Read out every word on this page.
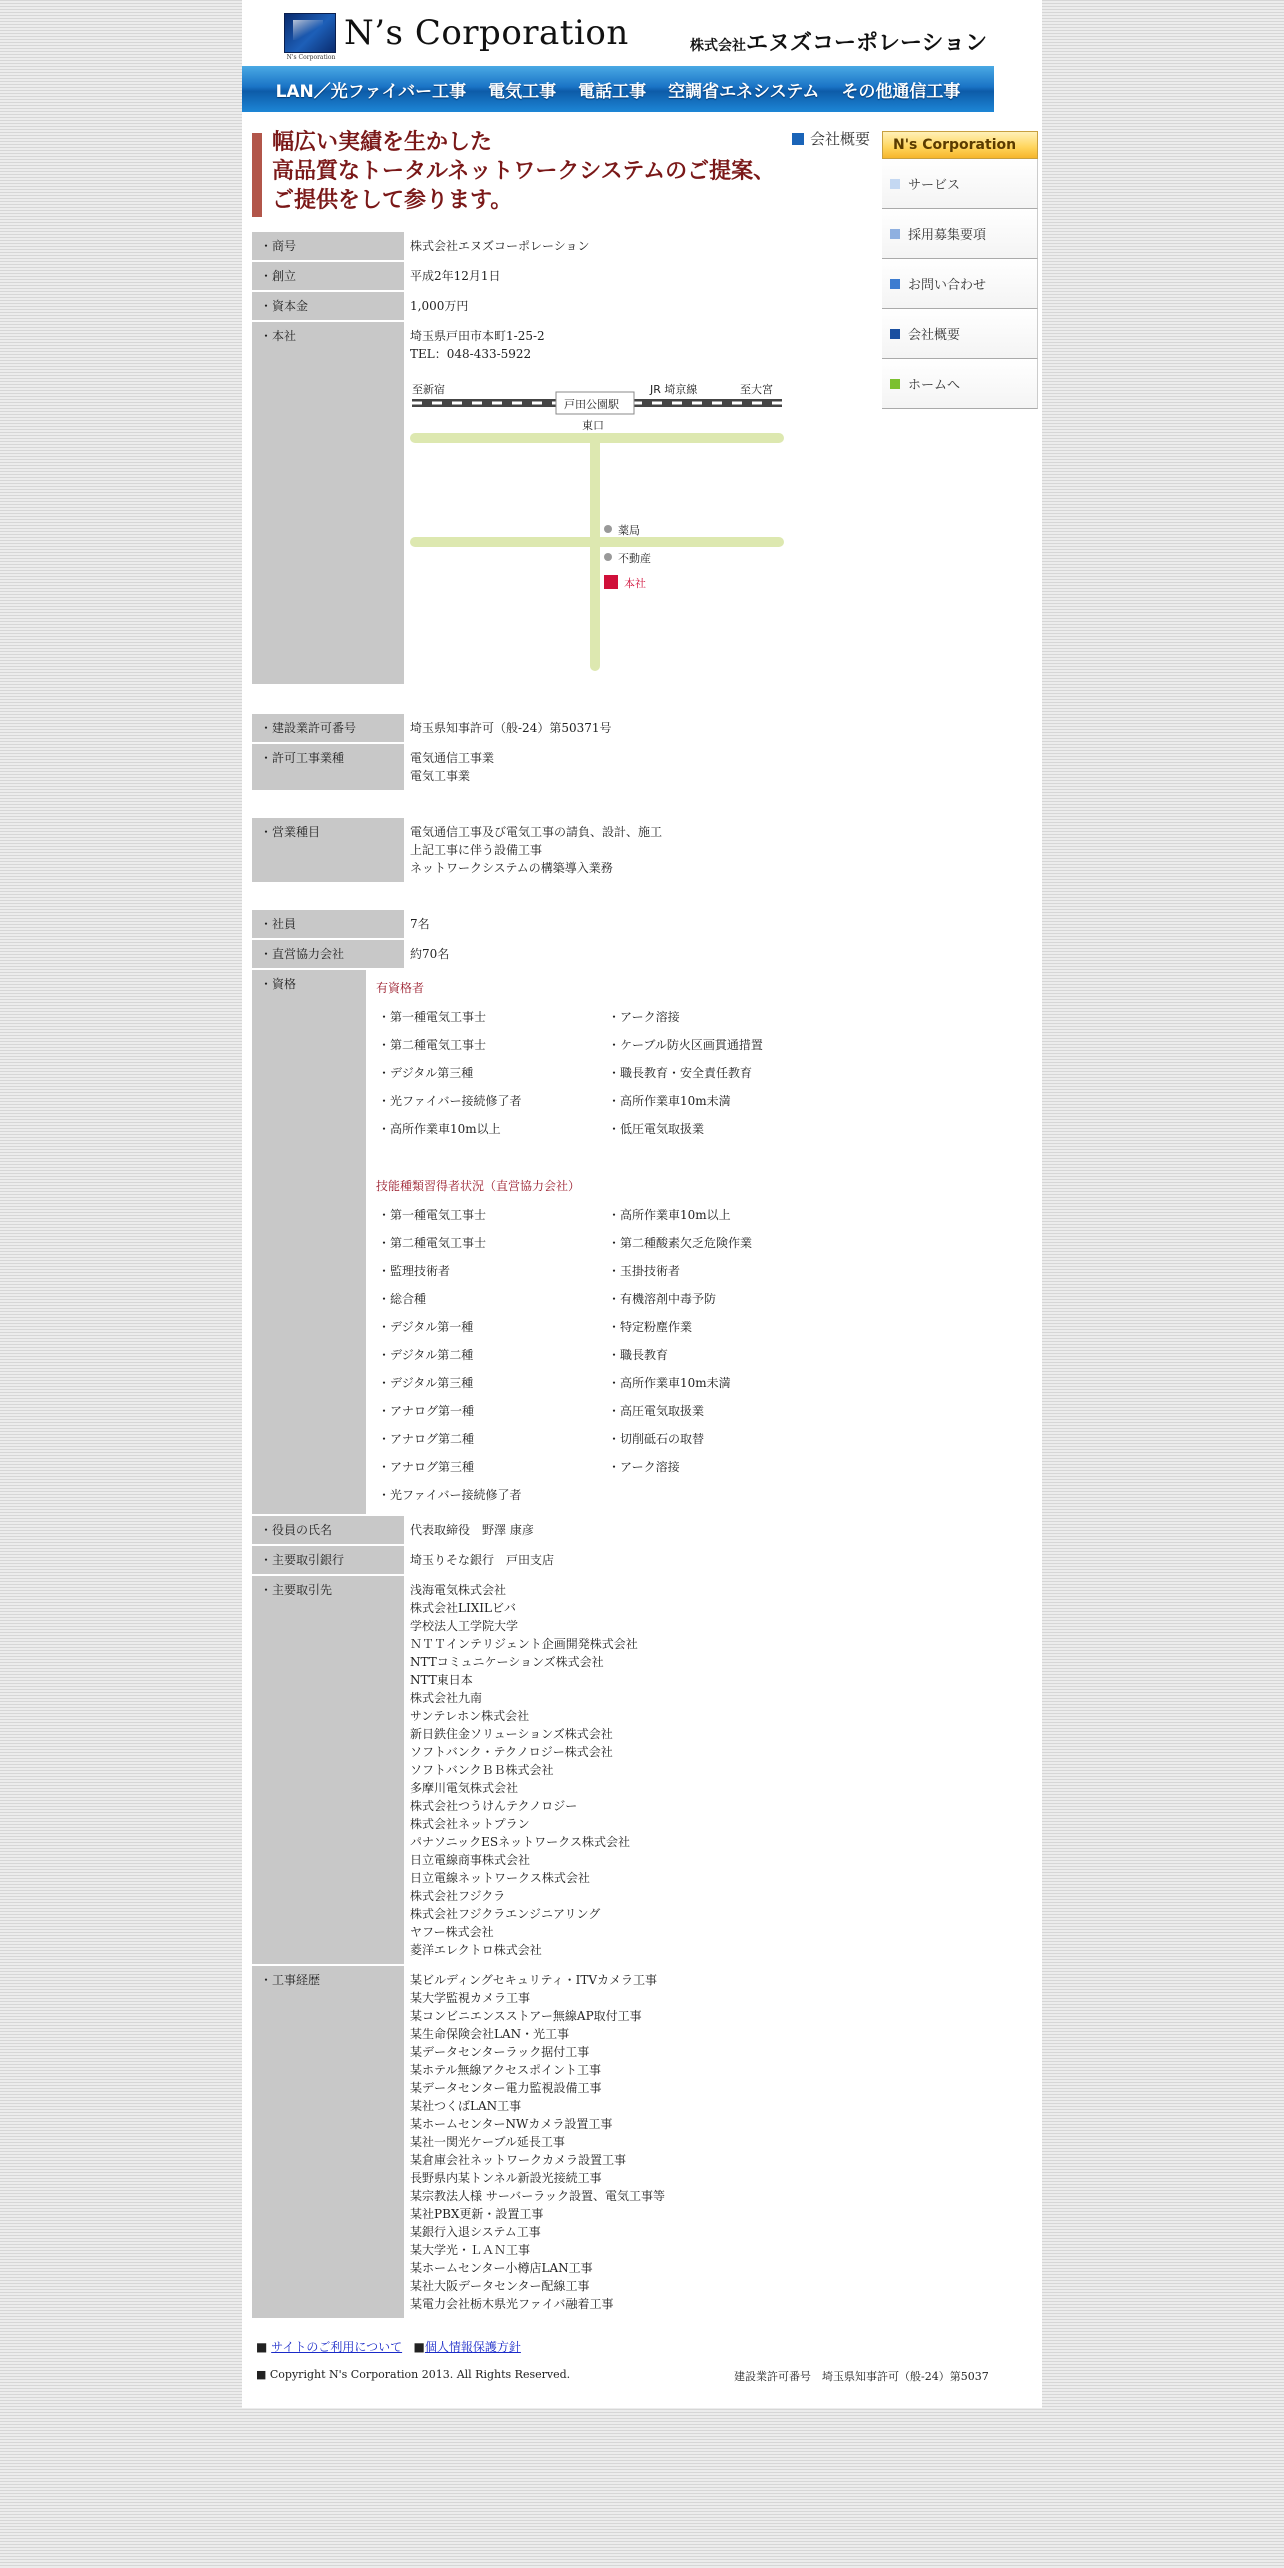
N's Corporation
N’s Corporation	株式会社エヌズコーポレーション
LAN／光ファイバー工事 電気工事 電話工事 空調省エネシステム その他通信工事
幅広い実績を生かした
高品質なトータルネットワークシステムのご提案、
ご提供をして参ります。
会社概要	N's Corporation
サービス
採用募集要項
お問い合わせ
会社概要
ホームへ
・商号	株式会社エヌズコーポレーション
・創立	平成2年12月1日
・資本金	1,000万円
・本社	埼玉県戸田市本町1-25-2
TEL：048-433-5922
至新宿	JR 埼京線	至大宮
戸田公園駅
東口
薬局
不動産
本社
・建設業許可番号	埼玉県知事許可（般-24）第50371号
・許可工事業種	電気通信工事業
電気工事業
・営業種目	電気通信工事及び電気工事の請負、設計、施工
上記工事に伴う設備工事
ネットワークシステムの構築導入業務
・社員	7名
・直営協力会社	約70名
・資格	有資格者
・第一種電気工事士	・アーク溶接
・第二種電気工事士	・ケーブル防火区画貫通措置
・デジタル第三種	・職長教育・安全責任教育
・光ファイバー接続修了者	・高所作業車10m未満
・高所作業車10m以上	・低圧電気取扱業
技能種類習得者状況（直営協力会社）
・第一種電気工事士	・高所作業車10m以上
・第二種電気工事士	・第二種酸素欠乏危険作業
・監理技術者	・玉掛技術者
・総合種	・有機溶剤中毒予防
・デジタル第一種	・特定粉塵作業
・デジタル第二種	・職長教育
・デジタル第三種	・高所作業車10m未満
・アナログ第一種	・高圧電気取扱業
・アナログ第二種	・切削砥石の取替
・アナログ第三種	・アーク溶接
・光ファイバー接続修了者
・役員の氏名	代表取締役　野澤 康彦
・主要取引銀行	埼玉りそな銀行　戸田支店
・主要取引先	浅海電気株式会社
株式会社LIXILビバ
学校法人工学院大学
ＮＴＴインテリジェント企画開発株式会社
NTTコミュニケーションズ株式会社
NTT東日本
株式会社九南
サンテレホン株式会社
新日鉄住金ソリューションズ株式会社
ソフトバンク・テクノロジー株式会社
ソフトバンクＢＢ株式会社
多摩川電気株式会社
株式会社つうけんテクノロジー
株式会社ネットプラン
パナソニックESネットワークス株式会社
日立電線商事株式会社
日立電線ネットワークス株式会社
株式会社フジクラ
株式会社フジクラエンジニアリング
ヤフー株式会社
菱洋エレクトロ株式会社
・工事経歴	某ビルディングセキュリティ・ITVカメラ工事
某大学監視カメラ工事
某コンビニエンスストアー無線AP取付工事
某生命保険会社LAN・光工事
某データセンターラック据付工事
某ホテル無線アクセスポイント工事
某データセンター電力監視設備工事
某社つくばLAN工事
某ホームセンターNWカメラ設置工事
某社一関光ケーブル延長工事
某倉庫会社ネットワークカメラ設置工事
長野県内某トンネル新設光接続工事
某宗教法人様 サーバーラック設置、電気工事等
某社PBX更新・設置工事
某銀行入退システム工事
某大学光・ＬＡＮ工事
某ホームセンター小樽店LAN工事
某社大阪データセンター配線工事
某電力会社栃木県光ファイバ融着工事
■ サイトのご利用について ■個人情報保護方針
■ Copyright N's Corporation 2013. All Rights Reserved.	建設業許可番号　埼玉県知事許可（般-24）第5037
